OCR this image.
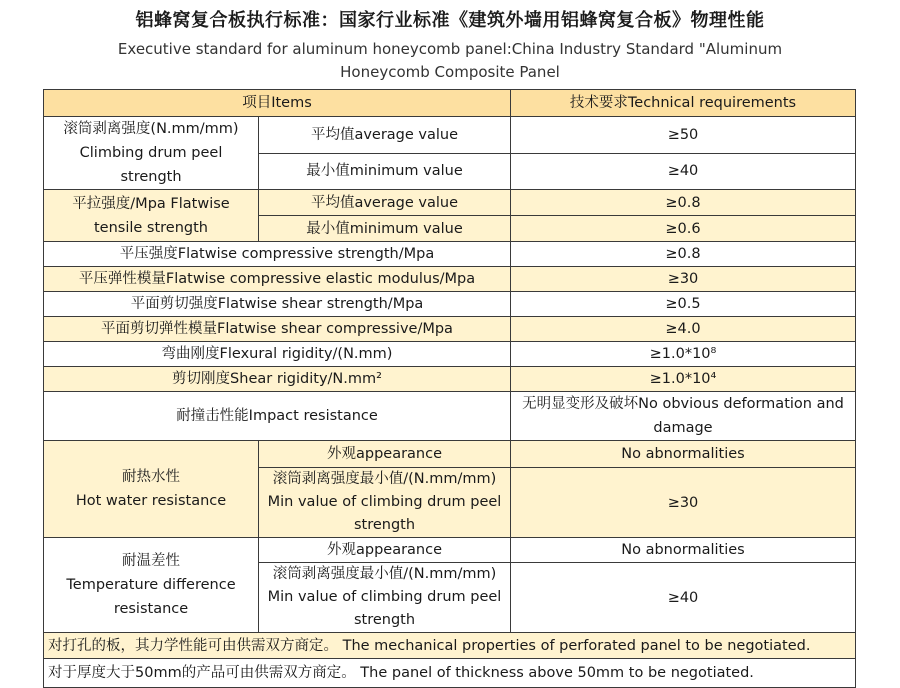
铝蜂窝复合板执行标准：国家行业标准《建筑外墙用铝蜂窝复合板》物理性能
Executive standard for aluminum honeycomb panel:China Industry Standard "Aluminum
Honeycomb Composite Panel
项目Items		技术要求Technical requirements

滚筒剥离强度(N.mm/mm)
Climbing drum peel strength	平均值average value	≥50
	最小值minimum value	≥40

平拉强度/Mpa Flatwise
tensile strength	平均值average value	≥0.8
	最小值minimum value	≥0.6
平压强度Flatwise compressive strength/Mpa		≥0.8
平压弹性模量Flatwise compressive elastic modulus/Mpa		≥30
平面剪切强度Flatwise shear strength/Mpa		≥0.5
平面剪切弹性模量Flatwise shear compressive/Mpa		≥4.0
弯曲刚度Flexural rigidity/(N.mm)		≥1.0*10⁸
剪切刚度Shear rigidity/N.mm²		≥1.0*10⁴
耐撞击性能Impact resistance		无明显变形及破坏No obvious deformation and
damage

耐热水性
Hot water resistance	外观appearance	No abnormalities

	滚筒剥离强度最小值/(N.mm/mm)
Min value of climbing drum peel
strength	≥30

耐温差性
Temperature difference
resistance	外观appearance	No abnormalities

	滚筒剥离强度最小值/(N.mm/mm)
Min value of climbing drum peel
strength	≥40
对打孔的板，其力学性能可由供需双方商定。 The mechanical properties of perforated panel to be negotiated.		
对于厚度大于50mm的产品可由供需双方商定。 The panel of thickness above 50mm to be negotiated.		
